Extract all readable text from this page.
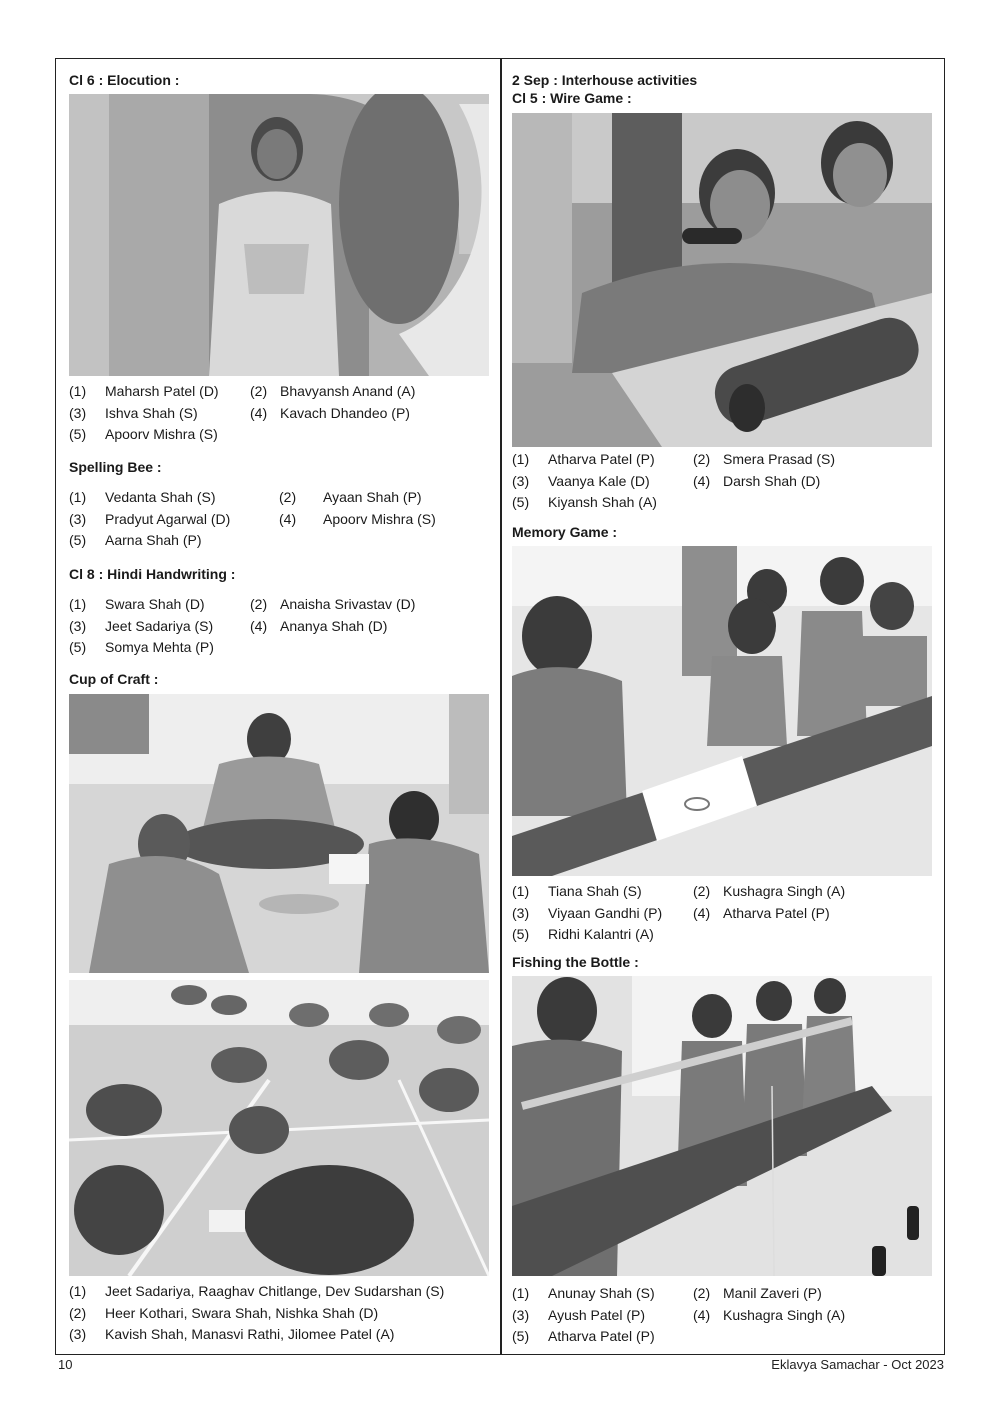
Cl 6 : Elocution :
(1) Maharsh Patel (D) (2) Bhavyansh Anand (A)
(3) Ishva Shah (S)	(4) Kavach Dhandeo (P)
(5) Apoorv Mishra (S)
Spelling Bee :
(1) Vedanta Shah (S)	(2) Ayaan Shah (P)
(3) Pradyut Agarwal (D)	(4) Apoorv Mishra (S)
(5) Aarna Shah (P)
Cl 8 : Hindi Handwriting :
(1) Swara Shah (D)	(2) Anaisha Srivastav (D)
(3) Jeet Sadariya (S)	(4) Ananya Shah (D)
(5) Somya Mehta (P)
Cup of Craft :
(1) Jeet Sadariya, Raaghav Chitlange, Dev Sudarshan (S)
(2) Heer Kothari, Swara Shah, Nishka Shah (D)
(3) Kavish Shah, Manasvi Rathi, Jilomee Patel (A)
2 Sep : Interhouse activities
Cl 5 : Wire Game :
(1) Atharva Patel (P)	(2) Smera Prasad (S)
(3) Vaanya Kale (D)	(4) Darsh Shah (D)
(5) Kiyansh Shah (A)
Memory Game :
(1) Tiana Shah (S)	(2) Kushagra Singh (A)
(3) Viyaan Gandhi (P) (4) Atharva Patel (P)
(5) Ridhi Kalantri (A)
Fishing the Bottle :
(1) Anunay Shah (S)	(2) Manil Zaveri (P)
(3) Ayush Patel (P)	(4) Kushagra Singh (A)
(5) Atharva Patel (P)
10	Eklavya Samachar - Oct 2023
